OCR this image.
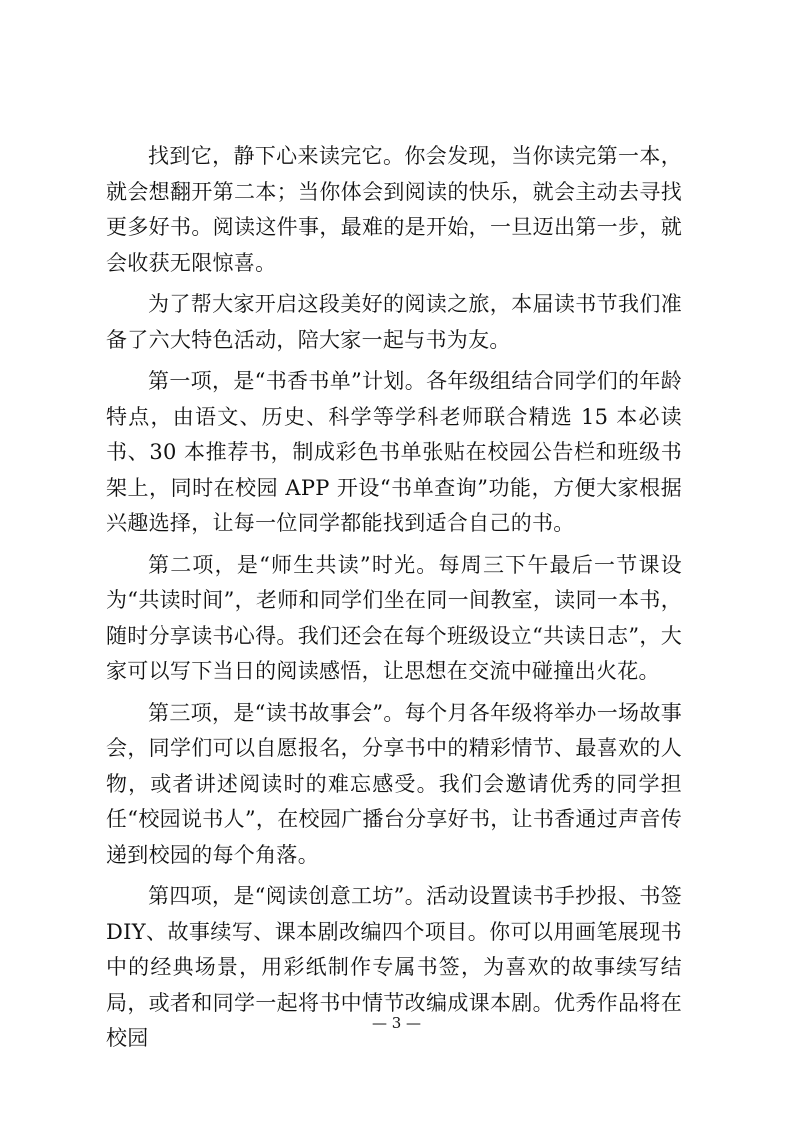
找到它，静下心来读完它。你会发现，当你读完第一本，就会想翻开第二本；当你体会到阅读的快乐，就会主动去寻找更多好书。阅读这件事，最难的是开始，一旦迈出第一步，就会收获无限惊喜。

为了帮大家开启这段美好的阅读之旅，本届读书节我们准备了六大特色活动，陪大家一起与书为友。

第一项，是“书香书单”计划。各年级组结合同学们的年龄特点，由语文、历史、科学等学科老师联合精选 15 本必读书、30 本推荐书，制成彩色书单张贴在校园公告栏和班级书架上，同时在校园 APP 开设“书单查询”功能，方便大家根据兴趣选择，让每一位同学都能找到适合自己的书。

第二项，是“师生共读”时光。每周三下午最后一节课设为“共读时间”，老师和同学们坐在同一间教室，读同一本书，随时分享读书心得。我们还会在每个班级设立“共读日志”，大家可以写下当日的阅读感悟，让思想在交流中碰撞出火花。

第三项，是“读书故事会”。每个月各年级将举办一场故事会，同学们可以自愿报名，分享书中的精彩情节、最喜欢的人物，或者讲述阅读时的难忘感受。我们会邀请优秀的同学担任“校园说书人”，在校园广播台分享好书，让书香通过声音传递到校园的每个角落。

第四项，是“阅读创意工坊”。活动设置读书手抄报、书签DIY、故事续写、课本剧改编四个项目。你可以用画笔展现书中的经典场景，用彩纸制作专属书签，为喜欢的故事续写结局，或者和同学一起将书中情节改编成课本剧。优秀作品将在校园

— 3 —
